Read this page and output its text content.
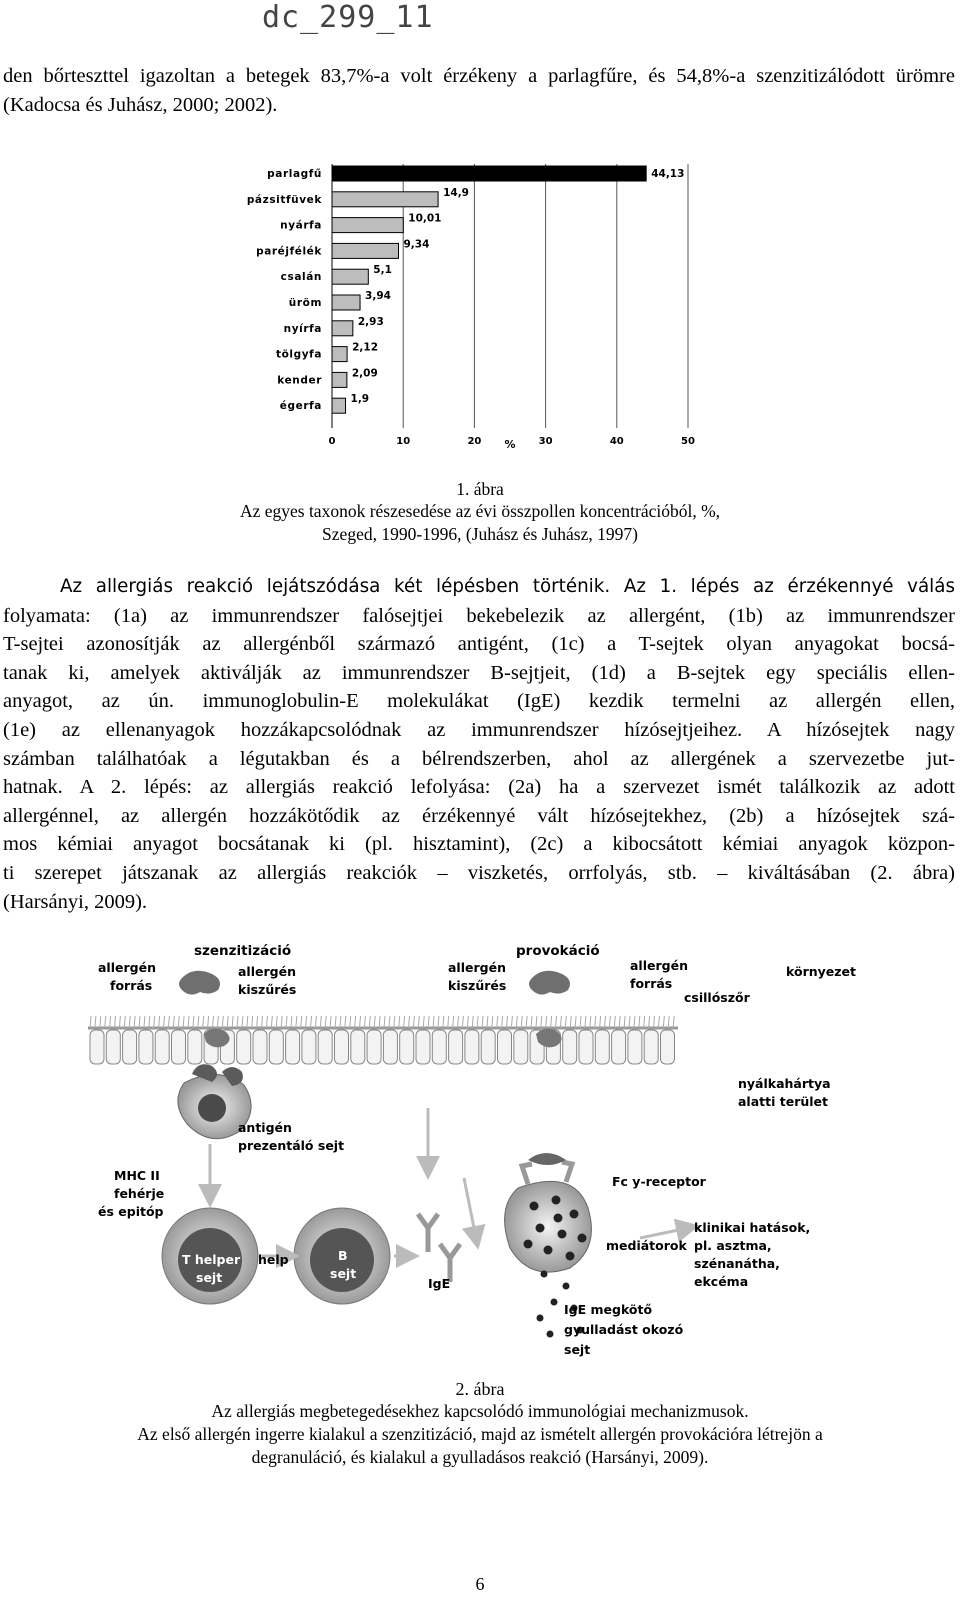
dc_299_11
den bőrteszttel igazoltan a betegek 83,7%-a volt érzékeny a parlagfűre, és 54,8%-a szenzitizálódott ürömre (Kadocsa és Juhász, 2000; 2002).
parlagfű
pázsitfüvek
nyárfa
paréjfélék
csalán
üröm
nyírfa
tölgyfa
kender
égerfa
44,13
14,9
10,01
9,34
5,1
3,94
2,93
2,12
2,09
1,9
0	10	20	30	40	50
%
1. ábra
Az egyes taxonok részesedése az évi összpollen koncentrációból, %,
Szeged, 1990-1996, (Juhász és Juhász, 1997)
Az allergiás reakció lejátszódása két lépésben történik. Az 1. lépés az érzékennyé válás
folyamata: (1a) az immunrendszer falósejtjei bekebelezik az allergént, (1b) az immunrendszer
T-sejtei azonosítják az allergénből származó antigént, (1c) a T-sejtek olyan anyagokat bocsá-
tanak ki, amelyek aktiválják az immunrendszer B-sejtjeit, (1d) a B-sejtek egy speciális ellen-
anyagot, az ún. immunoglobulin-E molekulákat (IgE) kezdik termelni az allergén ellen,
(1e) az ellenanyagok hozzákapcsolódnak az immunrendszer hízósejtjeihez. A hízósejtek nagy
számban találhatóak a légutakban és a bélrendszerben, ahol az allergének a szervezetbe jut-
hatnak. A 2. lépés: az allergiás reakció lefolyása: (2a) ha a szervezet ismét találkozik az adott
allergénnel, az allergén hozzákötődik az érzékennyé vált hízósejtekhez, (2b) a hízósejtek szá-
mos kémiai anyagot bocsátanak ki (pl. hisztamint), (2c) a kibocsátott kémiai anyagok közpon-
ti szerepet játszanak az allergiás reakciók – viszketés, orrfolyás, stb. – kiváltásában (2. ábra)
(Harsányi, 2009).
szenzitizáció	provokáció
allergén
forrás
allergén
kiszűrés
allergén
kiszűrés
allergén
forrás
környezet
csillószőr
nyálkahártya
alatti terület
antigén
prezentáló sejt
MHC II
fehérje
és epitóp
T helper
sejt
help	B
sejt
IgE
Fc y-receptor
mediátorok
klinikai hatások,
pl. asztma,
szénanátha,
ekcéma
IgE megkötő
gyulladást okozó
sejt
2. ábra
Az allergiás megbetegedésekhez kapcsolódó immunológiai mechanizmusok.
Az első allergén ingerre kialakul a szenzitizáció, majd az ismételt allergén provokációra létrejön a
degranuláció, és kialakul a gyulladásos reakció (Harsányi, 2009).
6
